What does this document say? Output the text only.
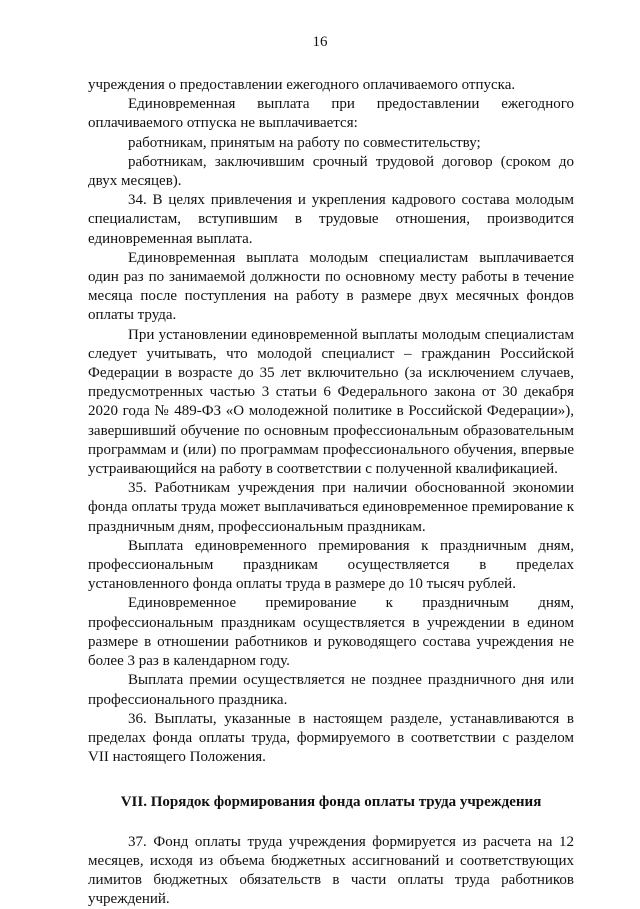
16

учреждения о предоставлении ежегодного оплачиваемого отпуска.

Единовременная выплата при предоставлении ежегодного оплачиваемого отпуска не выплачивается:

работникам, принятым на работу по совместительству;

работникам, заключившим срочный трудовой договор (сроком до двух месяцев).

34. В целях привлечения и укрепления кадрового состава молодым специалистам, вступившим в трудовые отношения, производится единовременная выплата.

Единовременная выплата молодым специалистам выплачивается один раз по занимаемой должности по основному месту работы в течение месяца после поступления на работу в размере двух месячных фондов оплаты труда.

При установлении единовременной выплаты молодым специалистам следует учитывать, что молодой специалист – гражданин Российской Федерации в возрасте до 35 лет включительно (за исключением случаев, предусмотренных частью 3 статьи 6 Федерального закона от 30 декабря 2020 года № 489-ФЗ «О молодежной политике в Российской Федерации»), завершивший обучение по основным профессиональным образовательным программам и (или) по программам профессионального обучения, впервые устраивающийся на работу в соответствии с полученной квалификацией.

35. Работникам учреждения при наличии обоснованной экономии фонда оплаты труда может выплачиваться единовременное премирование к праздничным дням, профессиональным праздникам.

Выплата единовременного премирования к праздничным дням, профессиональным праздникам осуществляется в пределах установленного фонда оплаты труда в размере до 10 тысяч рублей.

Единовременное премирование к праздничным дням, профессиональным праздникам осуществляется в учреждении в едином размере в отношении работников и руководящего состава учреждения не более 3 раз в календарном году.

Выплата премии осуществляется не позднее праздничного дня или профессионального праздника.

36. Выплаты, указанные в настоящем разделе, устанавливаются в пределах фонда оплаты труда, формируемого в соответствии с разделом VII настоящего Положения.

VII. Порядок формирования фонда оплаты труда учреждения

37. Фонд оплаты труда учреждения формируется из расчета на 12 месяцев, исходя из объема бюджетных ассигнований и соответствующих лимитов бюджетных обязательств в части оплаты труда работников учреждений.
